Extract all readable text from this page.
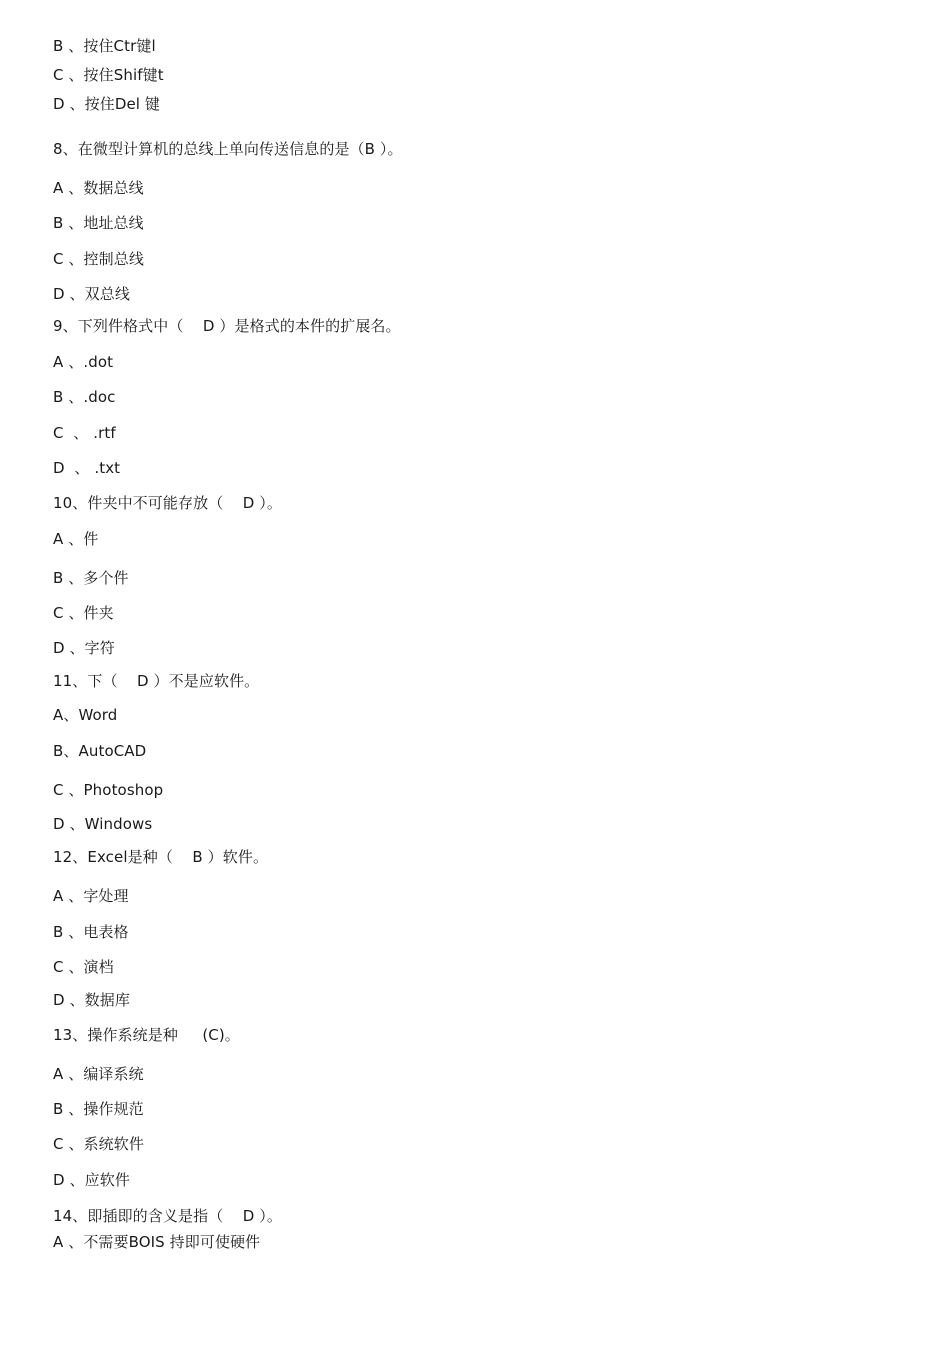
B 、按住Ctr键l
C 、按住Shif键t
D 、按住Del 键
8、在微型计算机的总线上单向传送信息的是（B ）。
A 、数据总线
B 、地址总线
C 、控制总线
D 、双总线
9、下列件格式中（    D ）是格式的本件的扩展名。
A 、.dot
B 、.doc
C  、 .rtf
D  、 .txt
10、件夹中不可能存放（    D ）。
A 、件
B 、多个件
C 、件夹
D 、字符
11、下（    D ）不是应软件。
A、Word
B、AutoCAD
C 、Photoshop
D 、Windows
12、Excel是种（    B ）软件。
A 、字处理
B 、电表格
C 、演档
D 、数据库
13、操作系统是种     (C)。
A 、编译系统
B 、操作规范
C 、系统软件
D 、应软件
14、即插即的含义是指（    D ）。
A 、不需要BOIS 持即可使硬件
